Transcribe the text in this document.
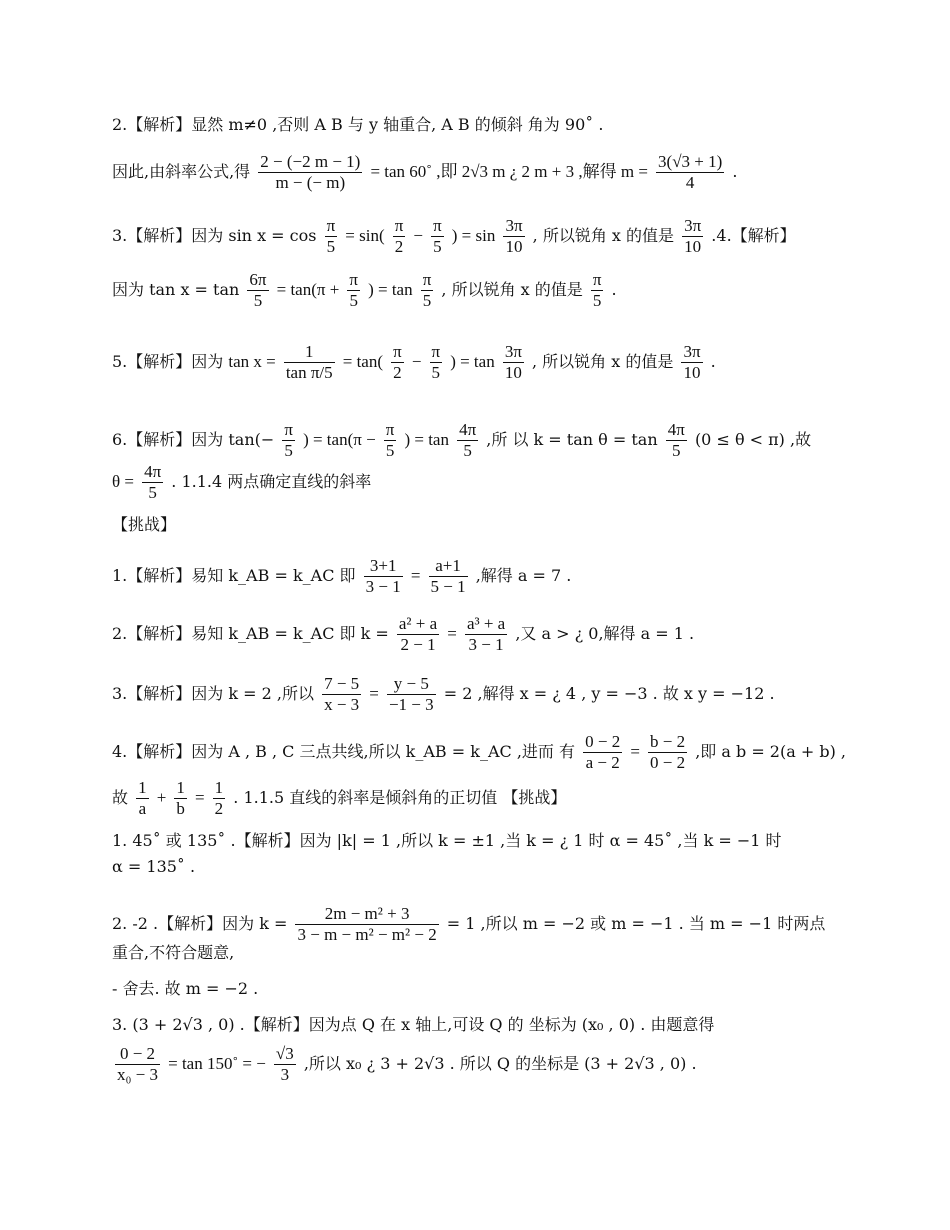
2.【解析】显然 m≠0 ,否则 A B 与 y 轴重合, A B 的倾斜 角为 90˚ .
因此,由斜率公式,得 $\frac{2 - (-2 m - 1)}{m - (- m)} = \tan$ 60˚ ,即 2√3 m ¿ 2 m + 3 ,解得 $m = \frac{3(√3 + 1)}{4}$ .
3.【解析】因为 $\sin x = \cos \frac{\pi}{5} = \sin( \frac{\pi}{2} - \frac{\pi}{5}$ ) = $\sin \frac{3\pi}{10}$ , 所以锐角 x 的值是 $\frac{3\pi}{10} .4$.【解析】
因为 $\tan x = \tan \frac{6\pi}{5} = \tan(\pi + \frac{\pi}{5}$ ) = $\tan \frac{\pi}{5}$ , 所以锐角 x 的值是 $\frac{\pi}{5}$ .
5.【解析】因为 $\tan x = \frac{1}{\text{tan π/5}} = \tan( \frac{\pi}{2} - \frac{\pi}{5}$ ) = $\tan \frac{3\pi}{10}$ , 所以锐角 x 的值是 $\frac{3\pi}{10}$ .
6.【解析】因为 $\tan(- \frac{\pi}{5}$ ) = $\tan(\pi - \frac{\pi}{5}$ ) = $\tan \frac{4\pi}{5}$ ,所 以 $k = \tan \theta = \tan \frac{4\pi}{5} (0 \le \theta < \pi)$ ,故
$\theta = \frac{4\pi}{5}$ . 1.1.4 两点确定直线的斜率
【挑战】
1.【解析】易知 k_AB = k_AC 即 $\frac{3+1}{3 - 1} = \frac{a+1}{5 - 1}$ ,解得 a = 7 .
2.【解析】易知 k_AB = k_AC 即 $k = \frac{\text{a² + a}}{2 - 1} = \frac{\text{a³ + a}}{3 - 1}$ ,又 a > ¿ 0,解得 a = 1 .
3.【解析】因为 k = 2 ,所以 $\frac{7 - 5}{x - 3} = \frac{y - 5}{-1 - 3} = 2$ ,解得 x = ¿ 4 , y = −3 . 故 x y = −12 .
4.【解析】因为 A , B , C 三点共线,所以 k_AB = k_AC ,进而 有 $\frac{0 - 2}{a - 2} = \frac{b - 2}{0 - 2}$ ,即 a b = 2(a + b) ,
故 $\frac{1}{a} + \frac{1}{b} = \frac{1}{2}$ . 1.1.5 直线的斜率是倾斜角的正切值 【挑战】
1. 45˚ 或 135˚ .【解析】因为 |k| = 1 ,所以 k = ±1 ,当 k = ¿ 1 时 α = 45˚ ,当 k = −1 时
α = 135˚ .
2. -2 .【解析】因为 $k = \frac{\text{2m − m² + 3}}{\text{3 − m − m² − m² − 2}} = 1$ ,所以 m = −2 或 m = −1 . 当 m = −1 时两点
重合,不符合题意,
- 舍去. 故 m = −2 .
3. (3 + 2√3 , 0) .【解析】因为点 Q 在 x 轴上,可设 Q 的 坐标为 (x₀ , 0) . 由题意得
$\frac{0 - 2}{\text{x₀ − 3}} = \tan$ 150˚ = − $\frac{√3}{3}$ ,所以 x₀ ¿ 3 + 2√3 . 所以 Q 的坐标是 (3 + 2√3 , 0) .
